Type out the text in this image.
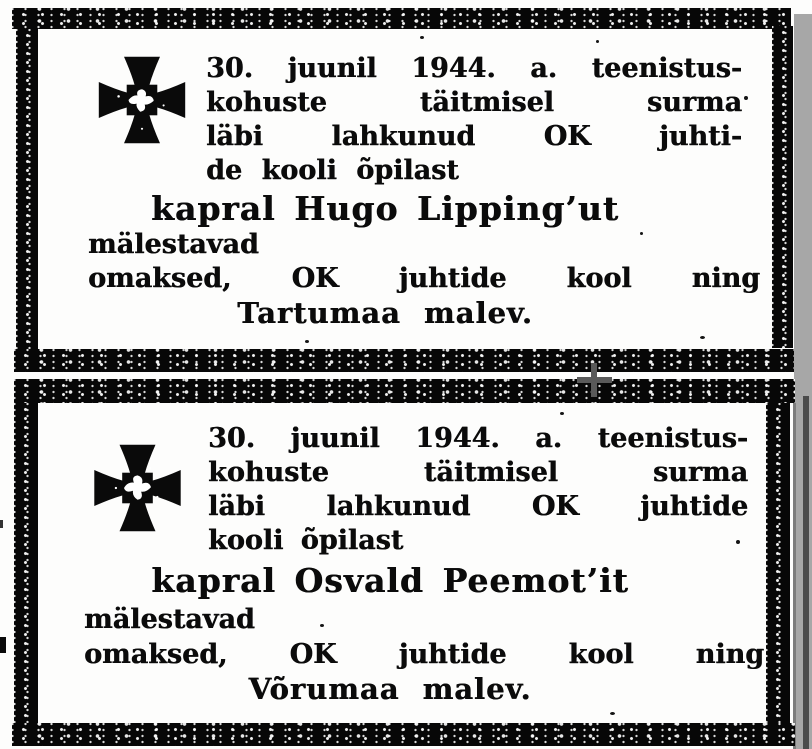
30. juunil 1944. a. teenistus-
kohuste täitmisel surma
läbi lahkunud OK juhti-
de kooli õpilast
kapral Hugo Lipping’ut
mälestavad
omaksed, OK juhtide kool ning
Tartumaa malev.
30. juunil 1944. a. teenistus-
kohuste täitmisel surma
läbi lahkunud OK juhtide
kooli õpilast
kapral Osvald Peemot’it
mälestavad
omaksed, OK juhtide kool ning
Võrumaa malev.
